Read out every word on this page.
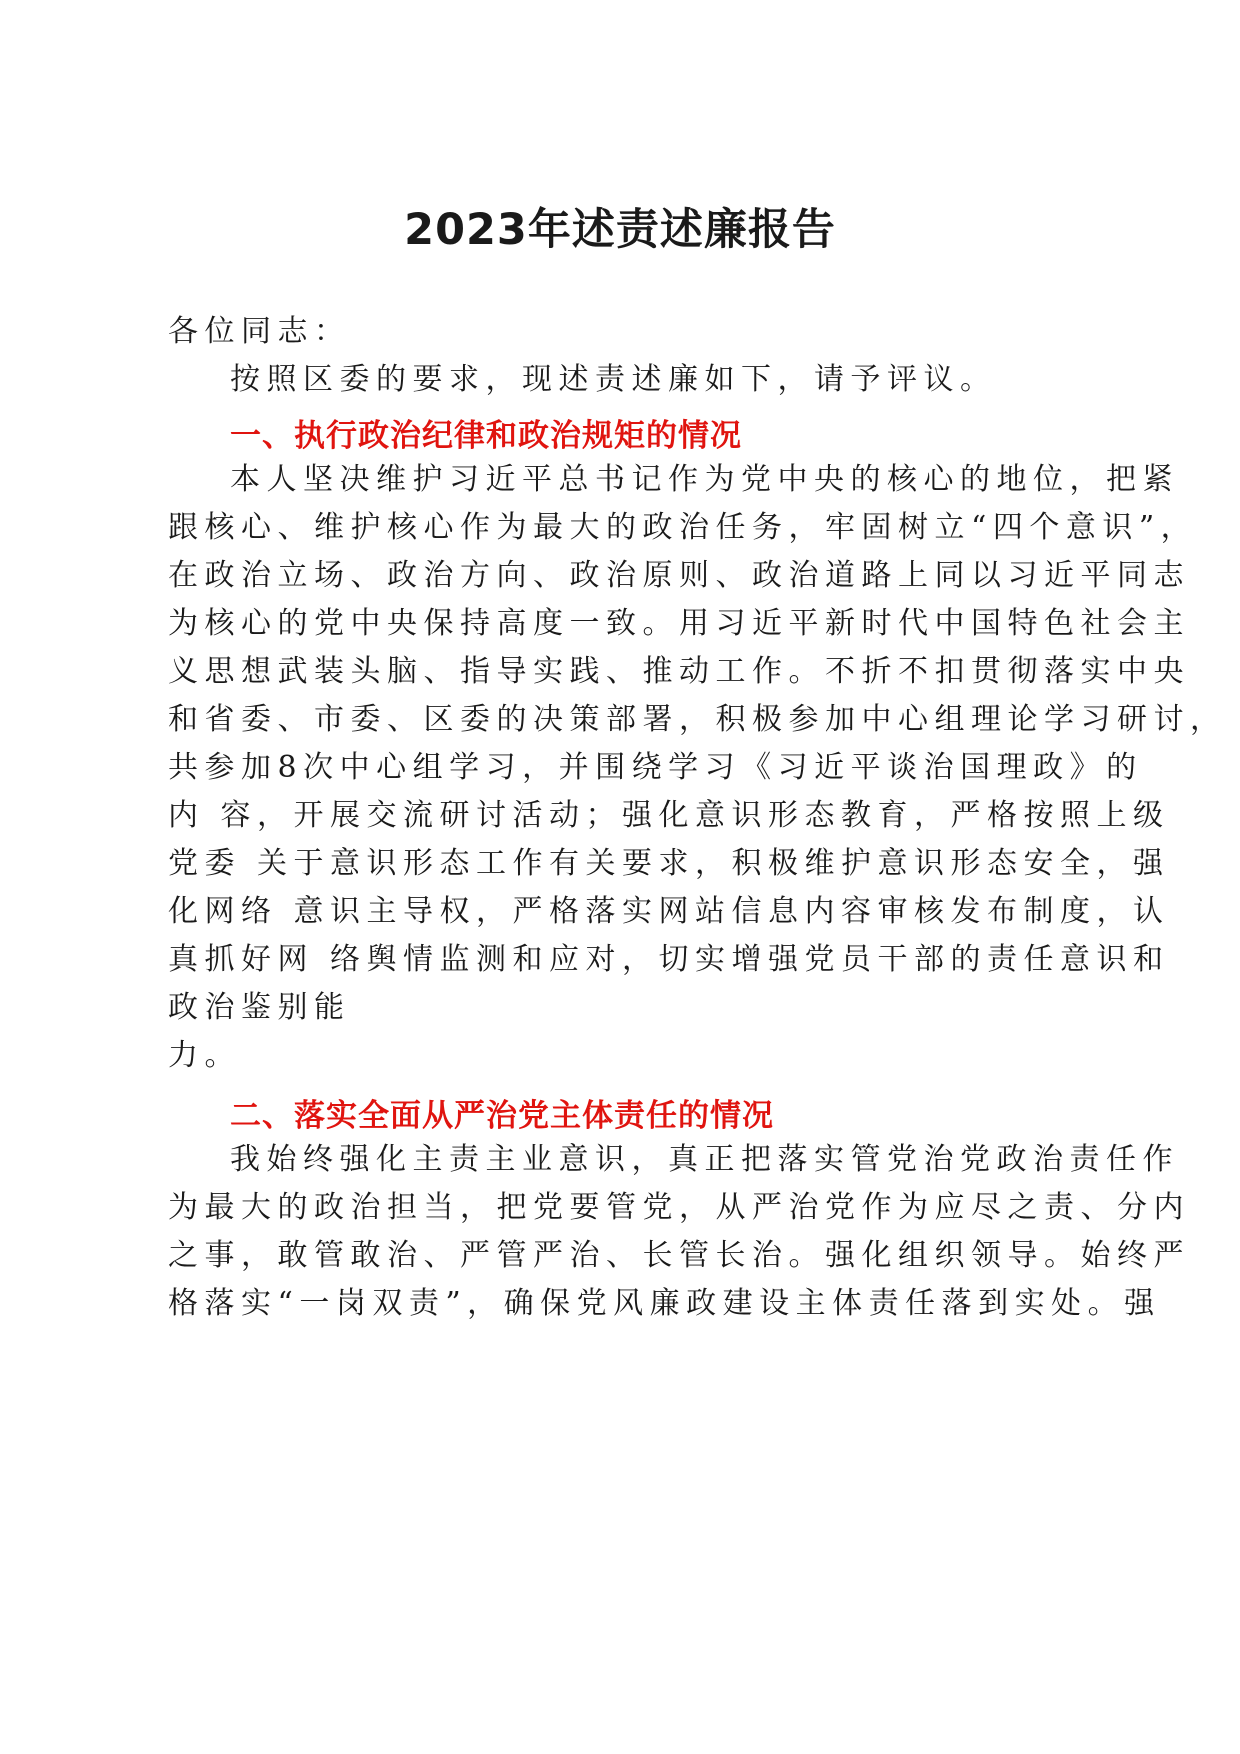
2023年述责述廉报告

各位同志：

按照区委的要求，现述责述廉如下，请予评议。

一、执行政治纪律和政治规矩的情况

本人坚决维护习近平总书记作为党中央的核心的地位，把紧

跟核心、维护核心作为最大的政治任务，牢固树立“四个意识”，

在政治立场、政治方向、政治原则、政治道路上同以习近平同志

为核心的党中央保持高度一致。用习近平新时代中国特色社会主

义思想武装头脑、指导实践、推动工作。不折不扣贯彻落实中央

和省委、市委、区委的决策部署，积极参加中心组理论学习研讨，

共参加8次中心组学习，并围绕学习《习近平谈治国理政》的

内 容，开展交流研讨活动；强化意识形态教育，严格按照上级

党委 关于意识形态工作有关要求，积极维护意识形态安全，强

化网络 意识主导权，严格落实网站信息内容审核发布制度，认

真抓好网 络舆情监测和应对，切实增强党员干部的责任意识和

政治鉴别能

力。

二、落实全面从严治党主体责任的情况

我始终强化主责主业意识，真正把落实管党治党政治责任作

为最大的政治担当，把党要管党，从严治党作为应尽之责、分内

之事，敢管敢治、严管严治、长管长治。强化组织领导。始终严

格落实“一岗双责”，确保党风廉政建设主体责任落到实处。强
